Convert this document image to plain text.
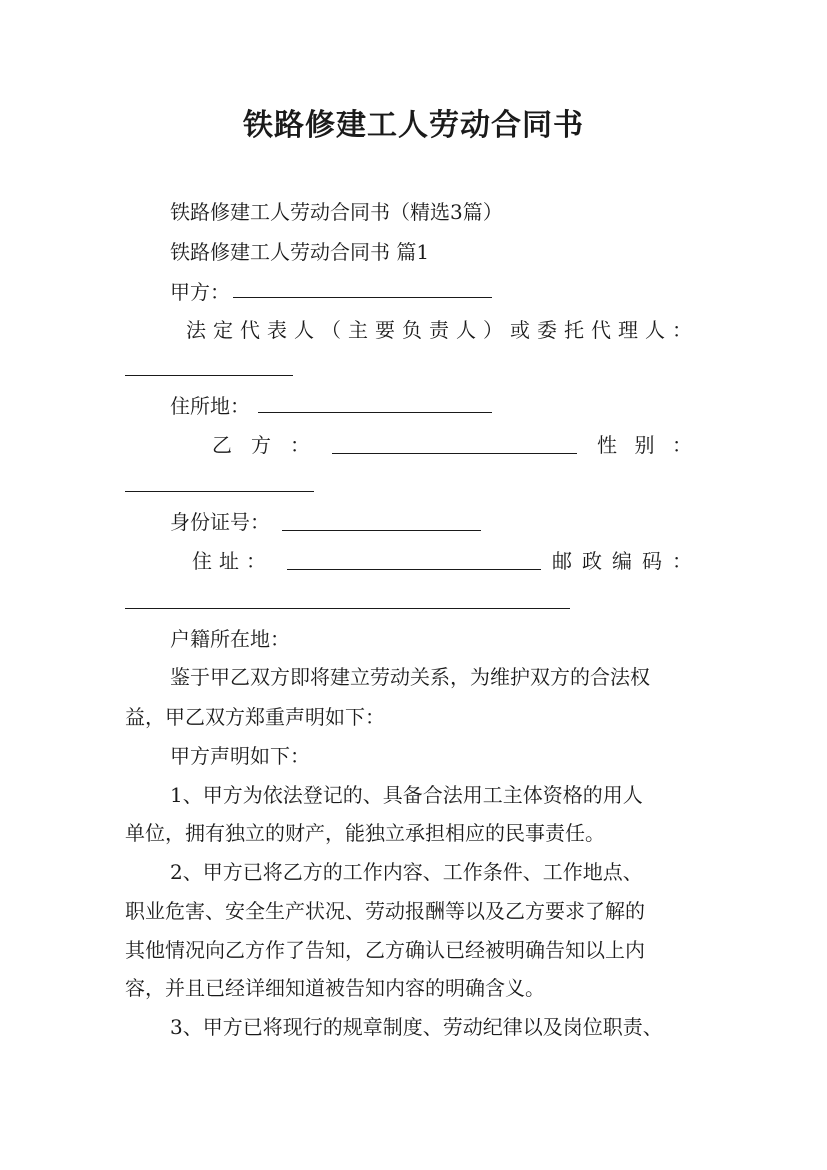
铁路修建工人劳动合同书
铁路修建工人劳动合同书（精选3篇）
铁路修建工人劳动合同书 篇1
甲方：
法 定 代 表 人 （ 主 要 负 责 人 ） 或 委 托 代 理 人 ：
住所地：
乙 方 ：	性 别 ：
身份证号：
住 址 ：	邮 政 编 码 ：
户籍所在地：
鉴于甲乙双方即将建立劳动关系，为维护双方的合法权
益，甲乙双方郑重声明如下：
甲方声明如下：
1、甲方为依法登记的、具备合法用工主体资格的用人
单位，拥有独立的财产，能独立承担相应的民事责任。
2、甲方已将乙方的工作内容、工作条件、工作地点、
职业危害、安全生产状况、劳动报酬等以及乙方要求了解的
其他情况向乙方作了告知，乙方确认已经被明确告知以上内
容，并且已经详细知道被告知内容的明确含义。
3、甲方已将现行的规章制度、劳动纪律以及岗位职责、
